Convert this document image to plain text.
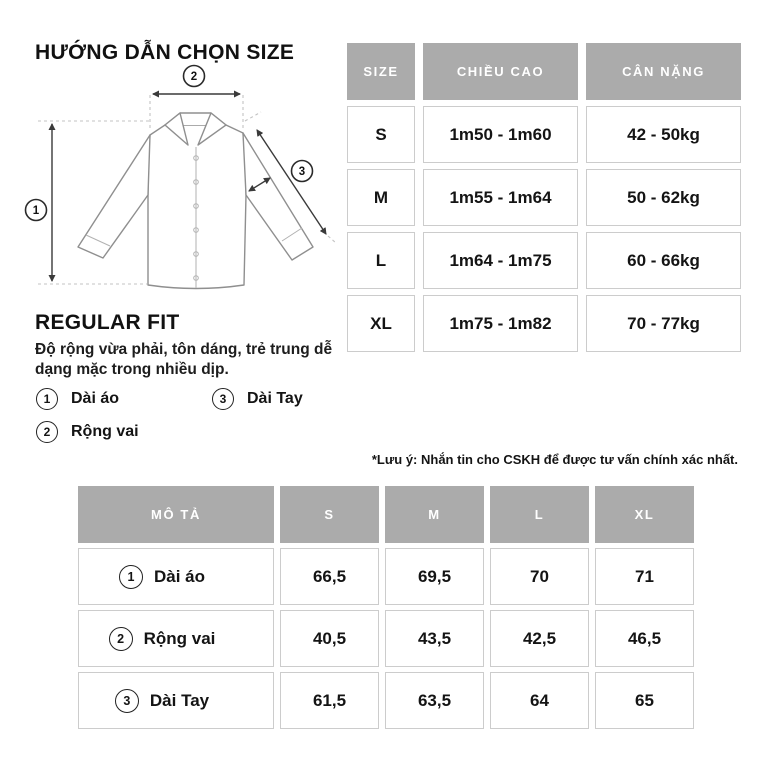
HƯỚNG DẪN CHỌN SIZE
1
2
3
SIZE	CHIỀU CAO	CÂN NẶNG
S	1m50 - 1m60	42 - 50kg
M	1m55 - 1m64	50 - 62kg
L	1m64 - 1m75	60 - 66kg
XL	1m75 - 1m82	70 - 77kg
REGULAR FIT
Độ rộng vừa phải, tôn dáng, trẻ trung dễ dạng mặc trong nhiều dịp.
1	Dài áo	3	Dài Tay
2	Rộng vai
*Lưu ý: Nhắn tin cho CSKH để được tư vấn chính xác nhất.
MÔ TẢ	S	M	L	XL
1	Dài áo	66,5	69,5	70	71
2	Rộng vai	40,5	43,5	42,5	46,5
3	Dài Tay	61,5	63,5	64	65
